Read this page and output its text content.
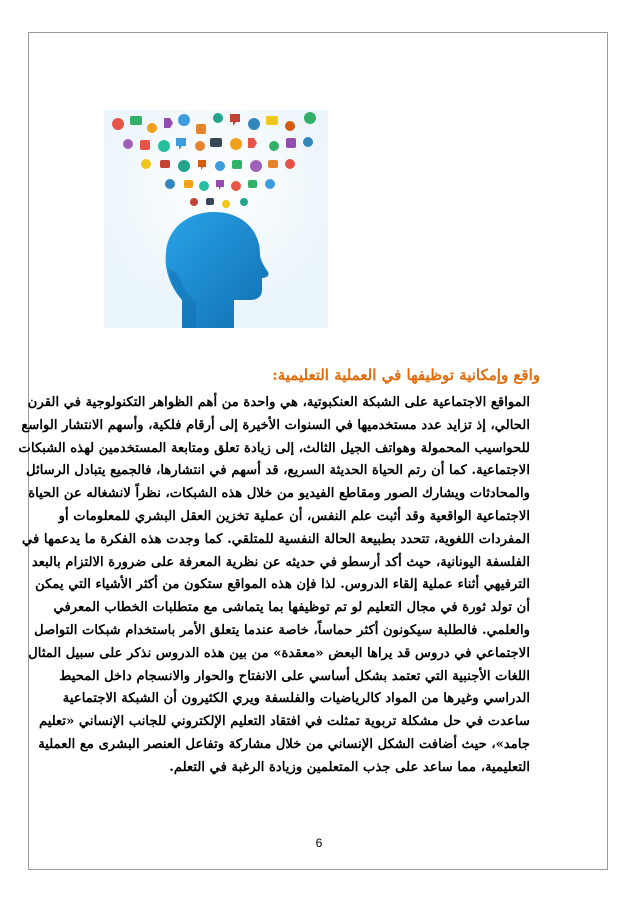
واقع وإمكانية توظيفها في العملية التعليمية:
المواقع الاجتماعية على الشبكة العنكبوتية، هي واحدة من أهم الظواهر التكنولوجية في القرن
الحالي، إذ تزايد عدد مستخدميها في السنوات الأخيرة إلى أرقام فلكية، وأسهم الانتشار الواسع
للحواسيب المحمولة وهواتف الجيل الثالث، إلى زيادة تعلق ومتابعة المستخدمين لهذه الشبكات
الاجتماعية. كما أن رتم الحياة الحديثة السريع، قد أسهم في انتشارها، فالجميع يتبادل الرسائل
والمحادثات ويشارك الصور ومقاطع الفيديو من خلال هذه الشبكات، نظراً لانشغاله عن الحياة
الاجتماعية الواقعية وقد أثبت علم النفس، أن عملية تخزين العقل البشري للمعلومات أو
المفردات اللغوية، تتحدد بطبيعة الحالة النفسية للمتلقي. كما وجدت هذه الفكرة ما يدعمها في
الفلسفة اليونانية، حيث أكد أرسطو في حديثه عن نظرية المعرفة على ضرورة الالتزام بالبعد
الترفيهي أثناء عملية إلقاء الدروس. لذا فإن هذه المواقع ستكون من أكثر الأشياء التي يمكن
أن تولد ثورة في مجال التعليم لو تم توظيفها بما يتماشى مع متطلبات الخطاب المعرفي
والعلمي. فالطلبة سيكونون أكثر حماساً، خاصة عندما يتعلق الأمر باستخدام شبكات التواصل
الاجتماعي في دروس قد يراها البعض «معقدة» من بين هذه الدروس نذكر على سبيل المثال
اللغات الأجنبية التي تعتمد بشكل أساسي على الانفتاح والحوار والانسجام داخل المحيط
الدراسي وغيرها من المواد كالرياضيات والفلسفة ويري الكثيرون أن الشبكة الاجتماعية
ساعدت في حل مشكلة تربوية تمثلت في افتقاد التعليم الإلكتروني للجانب الإنساني «تعليم
جامد»، حيث أضافت الشكل الإنساني من خلال مشاركة وتفاعل العنصر البشرى مع العملية
التعليمية، مما ساعد على جذب المتعلمين وزيادة الرغبة في التعلم.
6
